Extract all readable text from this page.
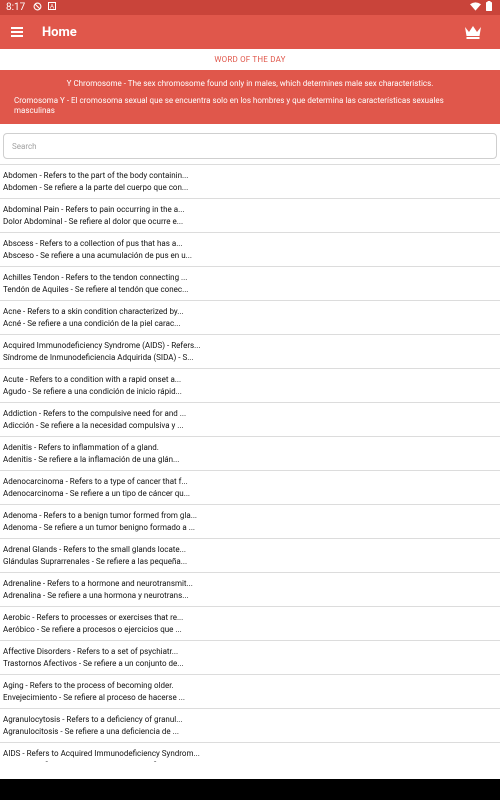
8:17	A
Home
WORD OF THE DAY
Y Chromosome - The sex chromosome found only in males, which determines male sex characteristics.
Cromosoma Y - El cromosoma sexual que se encuentra solo en los hombres y que determina las características sexuales masculinas
Search
Abdomen - Refers to the part of the body containin...
Abdomen - Se refiere a la parte del cuerpo que con...
Abdominal Pain - Refers to pain occurring in the a...
Dolor Abdominal - Se refiere al dolor que ocurre e...
Abscess - Refers to a collection of pus that has a...
Absceso - Se refiere a una acumulación de pus en u...
Achilles Tendon - Refers to the tendon connecting ...
Tendón de Aquiles - Se refiere al tendón que conec...
Acne - Refers to a skin condition characterized by...
Acné - Se refiere a una condición de la piel carac...
Acquired Immunodeficiency Syndrome (AIDS) - Refers...
Síndrome de Inmunodeficiencia Adquirida (SIDA) - S...
Acute - Refers to a condition with a rapid onset a...
Agudo - Se refiere a una condición de inicio rápid...
Addiction - Refers to the compulsive need for and ...
Adicción - Se refiere a la necesidad compulsiva y ...
Adenitis - Refers to inflammation of a gland.
Adenitis - Se refiere a la inflamación de una glán...
Adenocarcinoma - Refers to a type of cancer that f...
Adenocarcinoma - Se refiere a un tipo de cáncer qu...
Adenoma - Refers to a benign tumor formed from gla...
Adenoma - Se refiere a un tumor benigno formado a ...
Adrenal Glands - Refers to the small glands locate...
Glándulas Suprarrenales - Se refiere a las pequeña...
Adrenaline - Refers to a hormone and neurotransmit...
Adrenalina - Se refiere a una hormona y neurotrans...
Aerobic - Refers to processes or exercises that re...
Aeróbico - Se refiere a procesos o ejercicios que ...
Affective Disorders - Refers to a set of psychiatr...
Trastornos Afectivos - Se refiere a un conjunto de...
Aging - Refers to the process of becoming older.
Envejecimiento - Se refiere al proceso de hacerse ...
Agranulocytosis - Refers to a deficiency of granul...
Agranulocitosis - Se refiere a una deficiencia de ...
AIDS - Refers to Acquired Immunodeficiency Syndrom...
